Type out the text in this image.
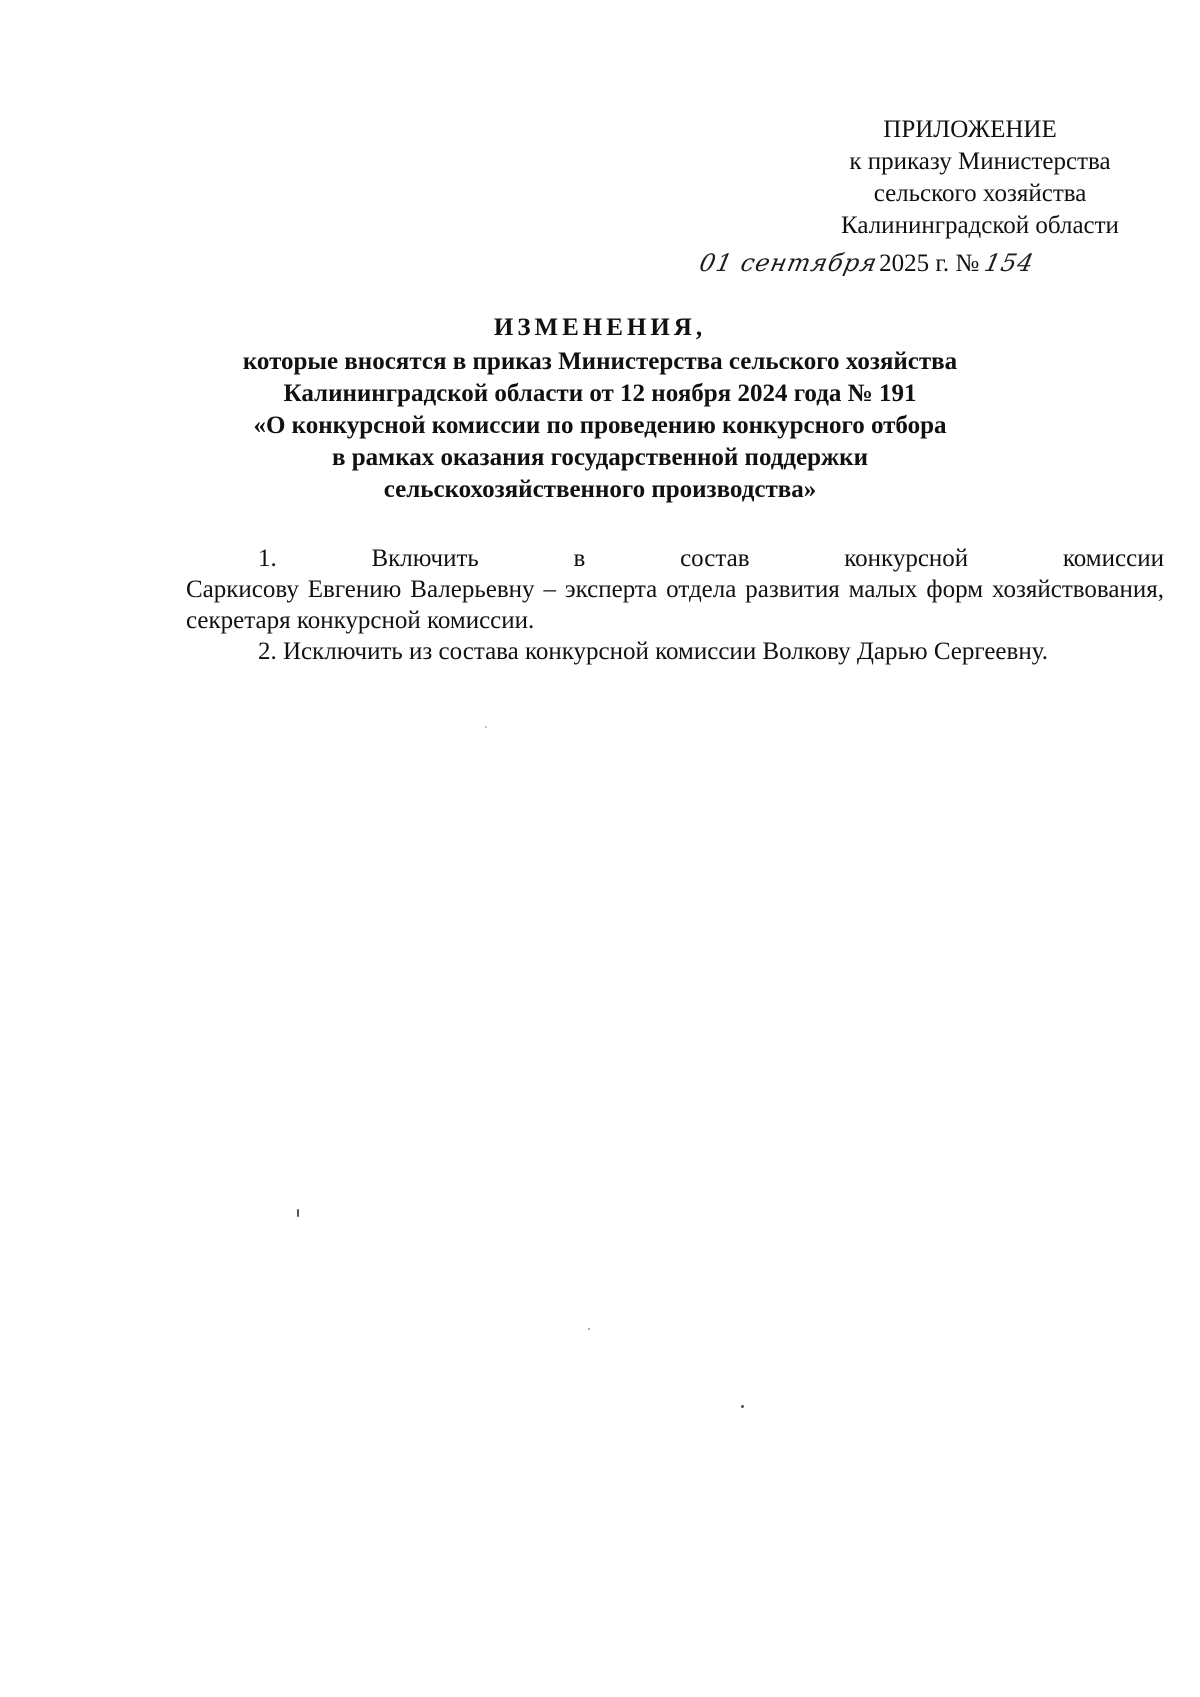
ПРИЛОЖЕНИЕ
к приказу Министерства
сельского хозяйства
Калининградской области
01 сентября2025 г. № 154
ИЗМЕНЕНИЯ,
которые вносятся в приказ Министерства сельского хозяйства
Калининградской области от 12 ноября 2024 года № 191
«О конкурсной комиссии по проведению конкурсного отбора
в рамках оказания государственной поддержки
сельскохозяйственного производства»
1.	Включить	в	состав	конкурсной	комиссии

Саркисову Евгению Валерьевну – эксперта отдела развития малых форм хозяйствования, секретаря конкурсной комиссии.

2. Исключить из состава конкурсной комиссии Волкову Дарью Сергеевну.
